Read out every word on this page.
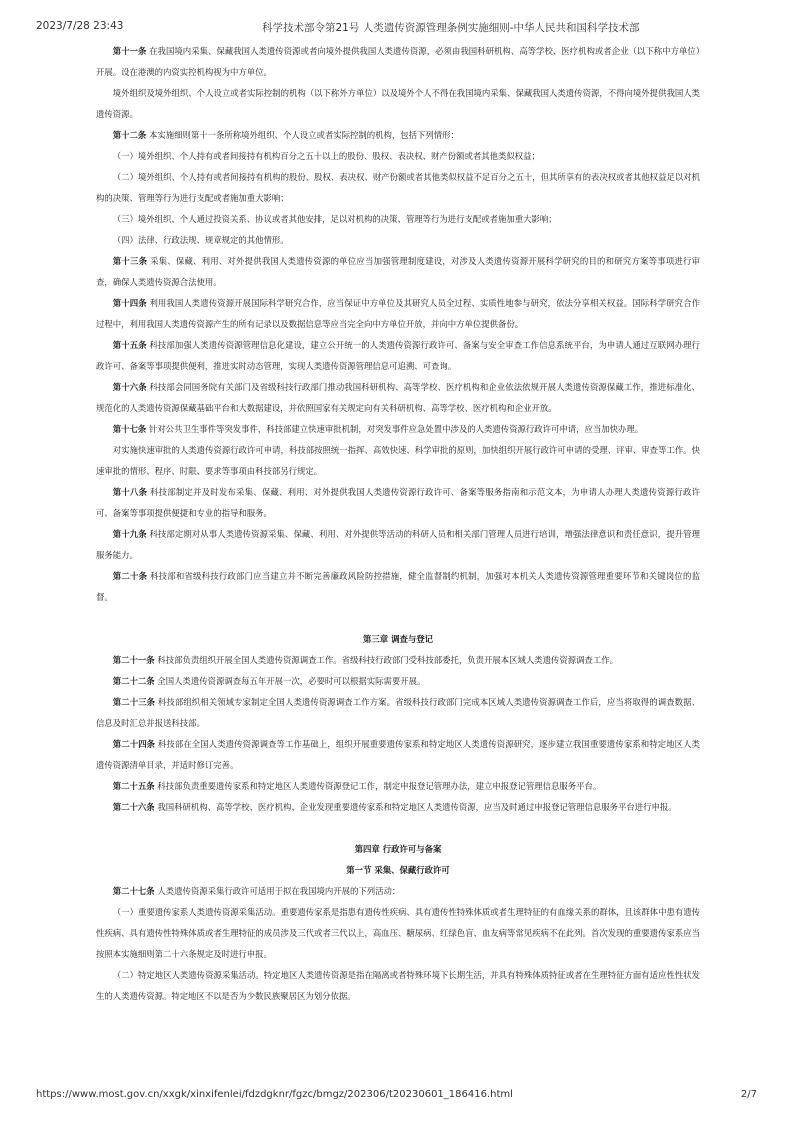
2023/7/28 23:43	科学技术部令第21号 人类遗传资源管理条例实施细则-中华人民共和国科学技术部

第十一条 在我国境内采集、保藏我国人类遗传资源或者向境外提供我国人类遗传资源，必须由我国科研机构、高等学校、医疗机构或者企业（以下称中方单位）开展。设在港澳的内资实控机构视为中方单位。

境外组织及境外组织、个人设立或者实际控制的机构（以下称外方单位）以及境外个人不得在我国境内采集、保藏我国人类遗传资源，不得向境外提供我国人类遗传资源。

第十二条 本实施细则第十一条所称境外组织、个人设立或者实际控制的机构，包括下列情形：

（一）境外组织、个人持有或者间接持有机构百分之五十以上的股份、股权、表决权、财产份额或者其他类似权益；

（二）境外组织、个人持有或者间接持有机构的股份、股权、表决权、财产份额或者其他类似权益不足百分之五十，但其所享有的表决权或者其他权益足以对机构的决策、管理等行为进行支配或者施加重大影响；

（三）境外组织、个人通过投资关系、协议或者其他安排，足以对机构的决策、管理等行为进行支配或者施加重大影响；

（四）法律、行政法规、规章规定的其他情形。

第十三条 采集、保藏、利用、对外提供我国人类遗传资源的单位应当加强管理制度建设，对涉及人类遗传资源开展科学研究的目的和研究方案等事项进行审查，确保人类遗传资源合法使用。

第十四条 利用我国人类遗传资源开展国际科学研究合作，应当保证中方单位及其研究人员全过程、实质性地参与研究，依法分享相关权益。国际科学研究合作过程中，利用我国人类遗传资源产生的所有记录以及数据信息等应当完全向中方单位开放，并向中方单位提供备份。

第十五条 科技部加强人类遗传资源管理信息化建设，建立公开统一的人类遗传资源行政许可、备案与安全审查工作信息系统平台，为申请人通过互联网办理行政许可、备案等事项提供便利，推进实时动态管理，实现人类遗传资源管理信息可追溯、可查询。

第十六条 科技部会同国务院有关部门及省级科技行政部门推动我国科研机构、高等学校、医疗机构和企业依法依规开展人类遗传资源保藏工作，推进标准化、规范化的人类遗传资源保藏基础平台和大数据建设，并依照国家有关规定向有关科研机构、高等学校、医疗机构和企业开放。

第十七条 针对公共卫生事件等突发事件，科技部建立快速审批机制，对突发事件应急处置中涉及的人类遗传资源行政许可申请，应当加快办理。

对实施快速审批的人类遗传资源行政许可申请，科技部按照统一指挥、高效快速、科学审批的原则，加快组织开展行政许可申请的受理、评审、审查等工作。快速审批的情形、程序、时限、要求等事项由科技部另行规定。

第十八条 科技部制定并及时发布采集、保藏、利用、对外提供我国人类遗传资源行政许可、备案等服务指南和示范文本，为申请人办理人类遗传资源行政许可、备案等事项提供便捷和专业的指导和服务。

第十九条 科技部定期对从事人类遗传资源采集、保藏、利用、对外提供等活动的科研人员和相关部门管理人员进行培训，增强法律意识和责任意识，提升管理服务能力。

第二十条 科技部和省级科技行政部门应当建立并不断完善廉政风险防控措施，健全监督制约机制，加强对本机关人类遗传资源管理重要环节和关键岗位的监督。

第三章 调查与登记

第二十一条 科技部负责组织开展全国人类遗传资源调查工作。省级科技行政部门受科技部委托，负责开展本区域人类遗传资源调查工作。

第二十二条 全国人类遗传资源调查每五年开展一次，必要时可以根据实际需要开展。

第二十三条 科技部组织相关领域专家制定全国人类遗传资源调查工作方案。省级科技行政部门完成本区域人类遗传资源调查工作后，应当将取得的调查数据、信息及时汇总并报送科技部。

第二十四条 科技部在全国人类遗传资源调查等工作基础上，组织开展重要遗传家系和特定地区人类遗传资源研究，逐步建立我国重要遗传家系和特定地区人类遗传资源清单目录，并适时修订完善。

第二十五条 科技部负责重要遗传家系和特定地区人类遗传资源登记工作，制定申报登记管理办法，建立申报登记管理信息服务平台。

第二十六条 我国科研机构、高等学校、医疗机构、企业发现重要遗传家系和特定地区人类遗传资源，应当及时通过申报登记管理信息服务平台进行申报。

第四章 行政许可与备案

第一节 采集、保藏行政许可

第二十七条 人类遗传资源采集行政许可适用于拟在我国境内开展的下列活动：

（一）重要遗传家系人类遗传资源采集活动。重要遗传家系是指患有遗传性疾病、具有遗传性特殊体质或者生理特征的有血缘关系的群体，且该群体中患有遗传性疾病、具有遗传性特殊体质或者生理特征的成员涉及三代或者三代以上，高血压、糖尿病、红绿色盲、血友病等常见疾病不在此列。首次发现的重要遗传家系应当按照本实施细则第二十六条规定及时进行申报。

（二）特定地区人类遗传资源采集活动。特定地区人类遗传资源是指在隔离或者特殊环境下长期生活，并具有特殊体质特征或者在生理特征方面有适应性性状发生的人类遗传资源。特定地区不以是否为少数民族聚居区为划分依据。

https://www.most.gov.cn/xxgk/xinxifenlei/fdzdgknr/fgzc/bmgz/202306/t20230601_186416.html	2/7
